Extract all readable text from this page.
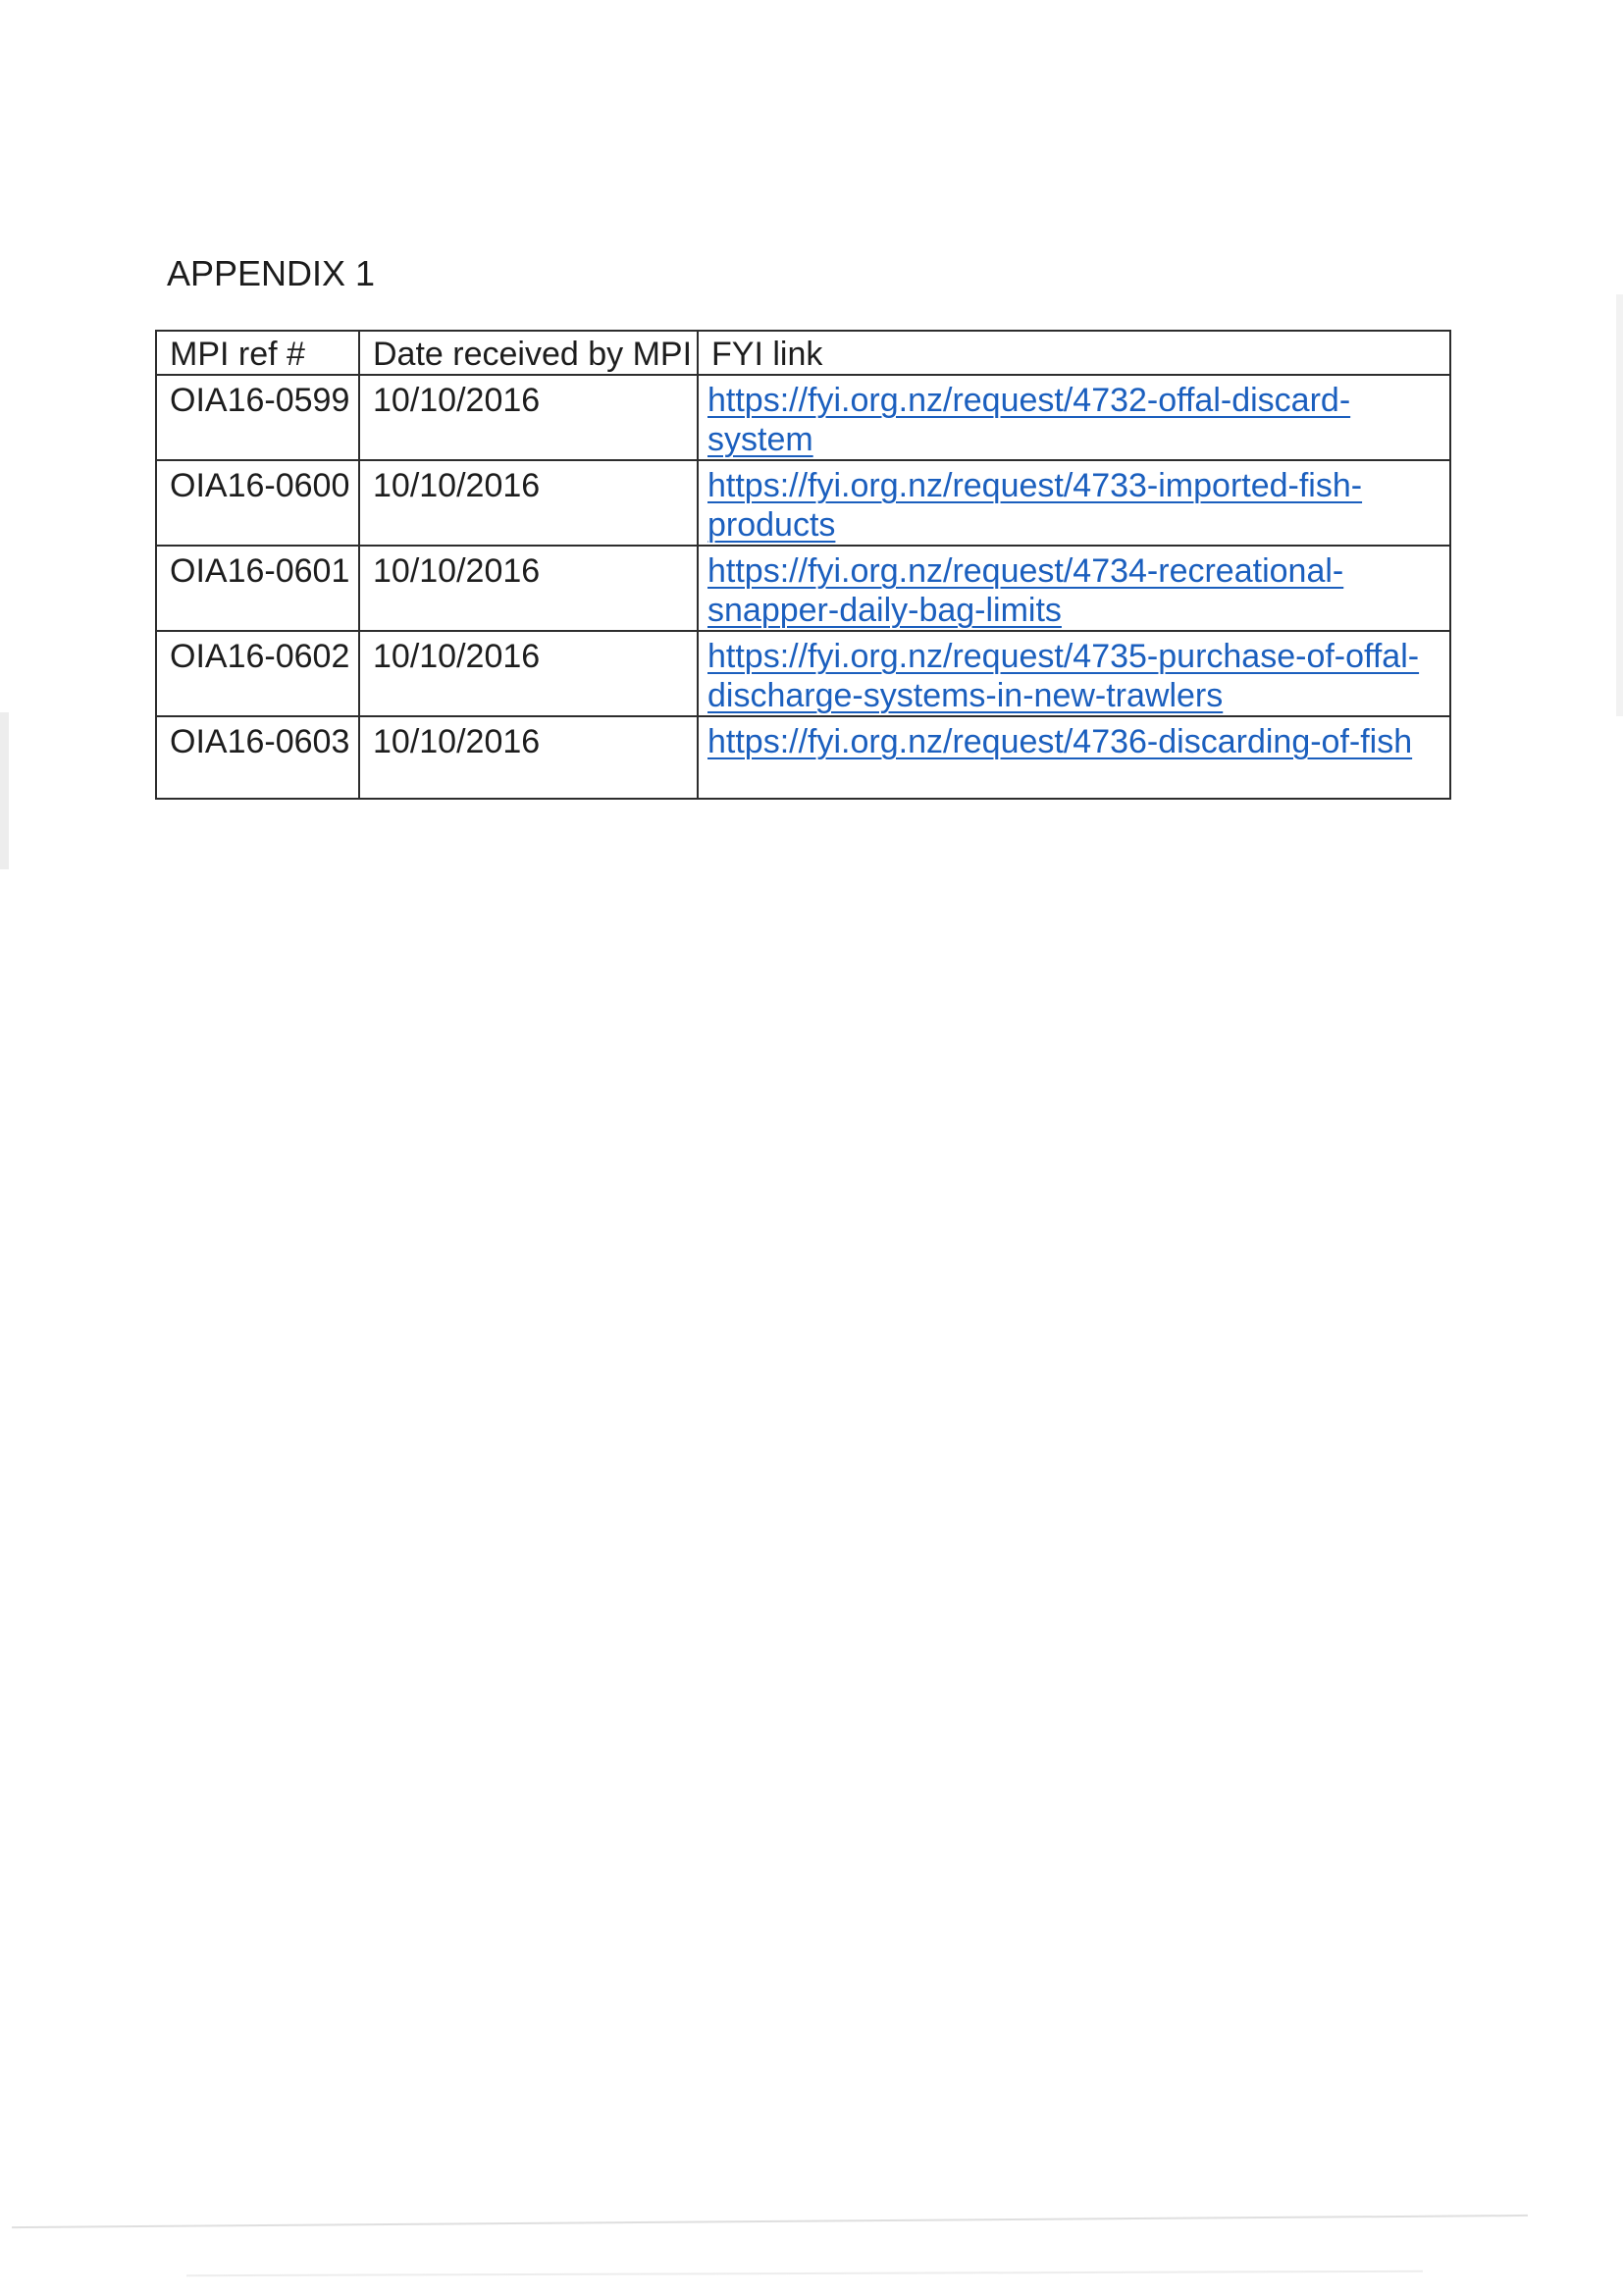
APPENDIX 1
MPI ref #	Date received by MPI	FYI link
OIA16-0599	10/10/2016	https://fyi.org.nz/request/4732-offal-discard-system
OIA16-0600	10/10/2016	https://fyi.org.nz/request/4733-imported-fish-products
OIA16-0601	10/10/2016	https://fyi.org.nz/request/4734-recreational-snapper-daily-bag-limits
OIA16-0602	10/10/2016	https://fyi.org.nz/request/4735-purchase-of-offal-discharge-systems-in-new-trawlers
OIA16-0603	10/10/2016	https://fyi.org.nz/request/4736-discarding-of-fish
